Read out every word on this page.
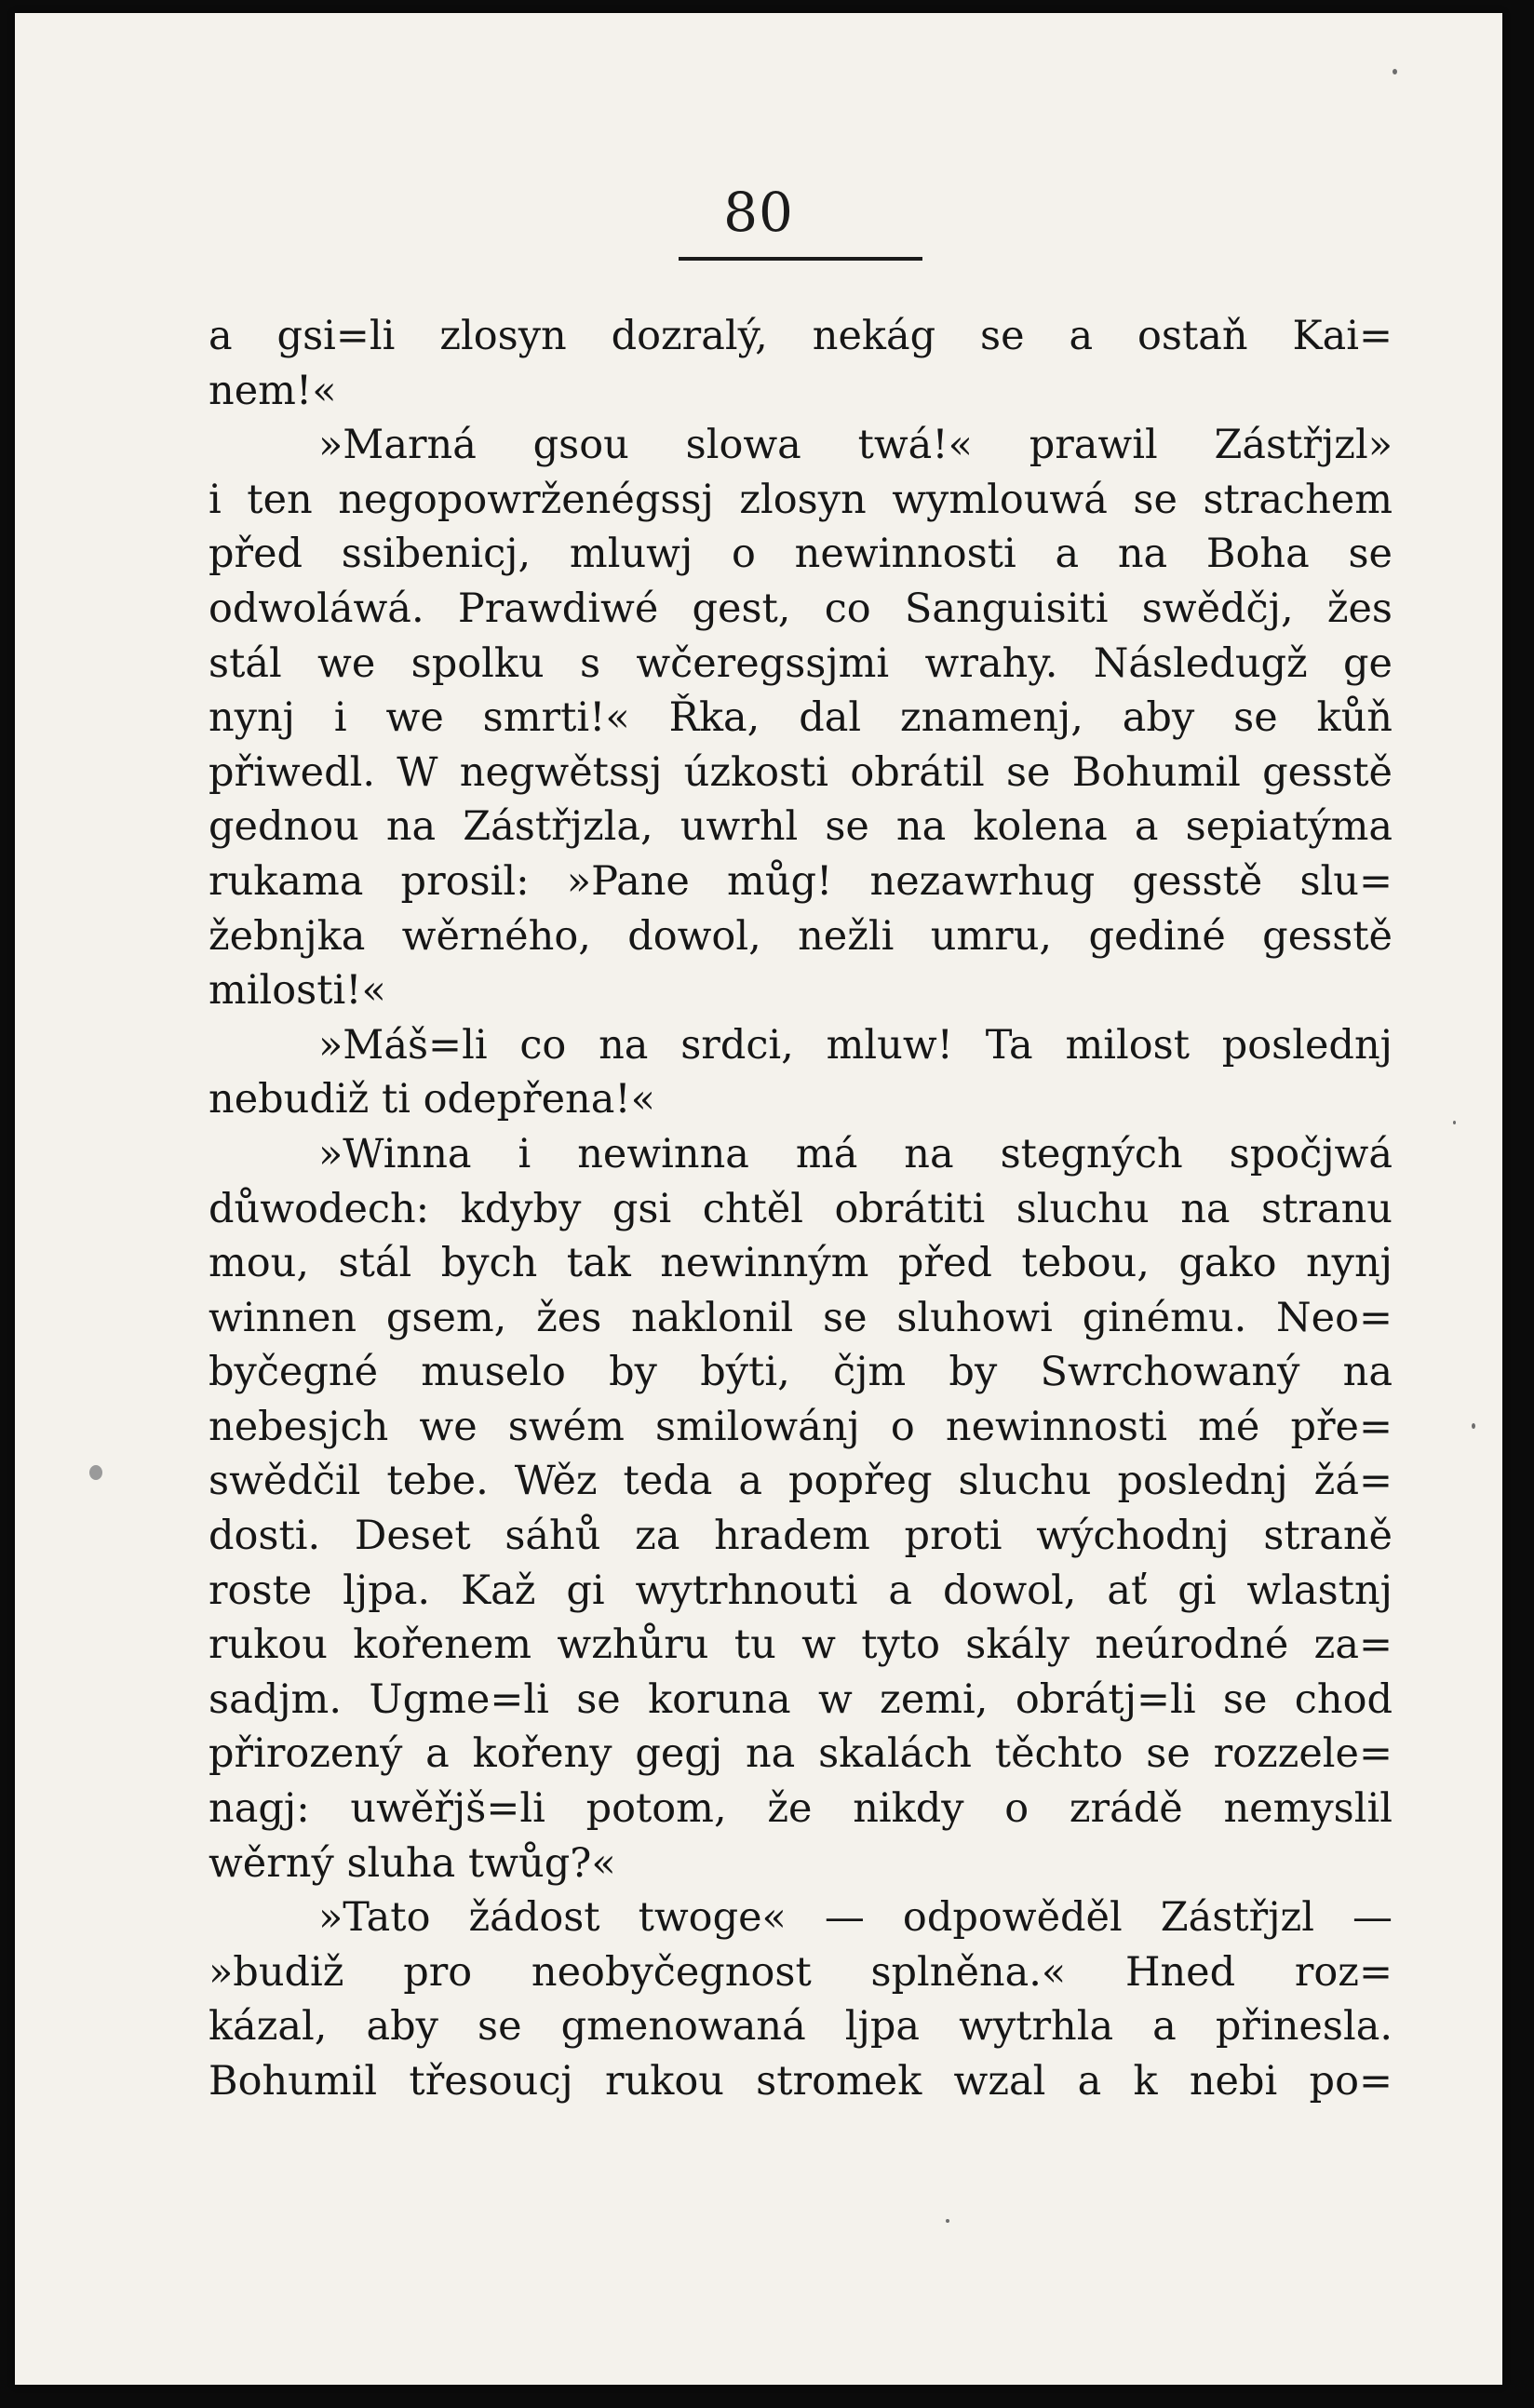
80
a gsi=li zlosyn dozralý, nekág se a ostaň Kai=
nem!«
»Marná gsou slowa twá!« prawil Zástřjzl»
i ten negopowrženégssj zlosyn wymlouwá se strachem
před ssibenicj, mluwj o newinnosti a na Boha se
odwoláwá. Prawdiwé gest, co Sanguisiti swědčj, žes
stál we spolku s wčeregssjmi wrahy. Následugž ge
nynj i we smrti!« Řka, dal znamenj, aby se kůň
přiwedl. W negwětssj úzkosti obrátil se Bohumil gesstě
gednou na Zástřjzla, uwrhl se na kolena a sepiatýma
rukama prosil: »Pane můg! nezawrhug gesstě slu=
žebnjka wěrného, dowol, nežli umru, gediné gesstě
milosti!«
»Máš=li co na srdci, mluw! Ta milost poslednj
nebudiž ti odepřena!«
»Winna i newinna má na stegných spočjwá
důwodech: kdyby gsi chtěl obrátiti sluchu na stranu
mou, stál bych tak newinným před tebou, gako nynj
winnen gsem, žes naklonil se sluhowi ginému. Neo=
byčegné muselo by býti, čjm by Swrchowaný na
nebesjch we swém smilowánj o newinnosti mé pře=
swědčil tebe. Wěz teda a popřeg sluchu poslednj žá=
dosti. Deset sáhů za hradem proti wýchodnj straně
roste ljpa. Kaž gi wytrhnouti a dowol, ať gi wlastnj
rukou kořenem wzhůru tu w tyto skály neúrodné za=
sadjm. Ugme=li se koruna w zemi, obrátj=li se chod
přirozený a kořeny gegj na skalách těchto se rozzele=
nagj: uwěřjš=li potom, že nikdy o zrádě nemyslil
wěrný sluha twůg?«
»Tato žádost twoge« — odpowěděl Zástřjzl —
»budiž pro neobyčegnost splněna.« Hned roz=
kázal, aby se gmenowaná ljpa wytrhla a přinesla.
Bohumil třesoucj rukou stromek wzal a k nebi po=
